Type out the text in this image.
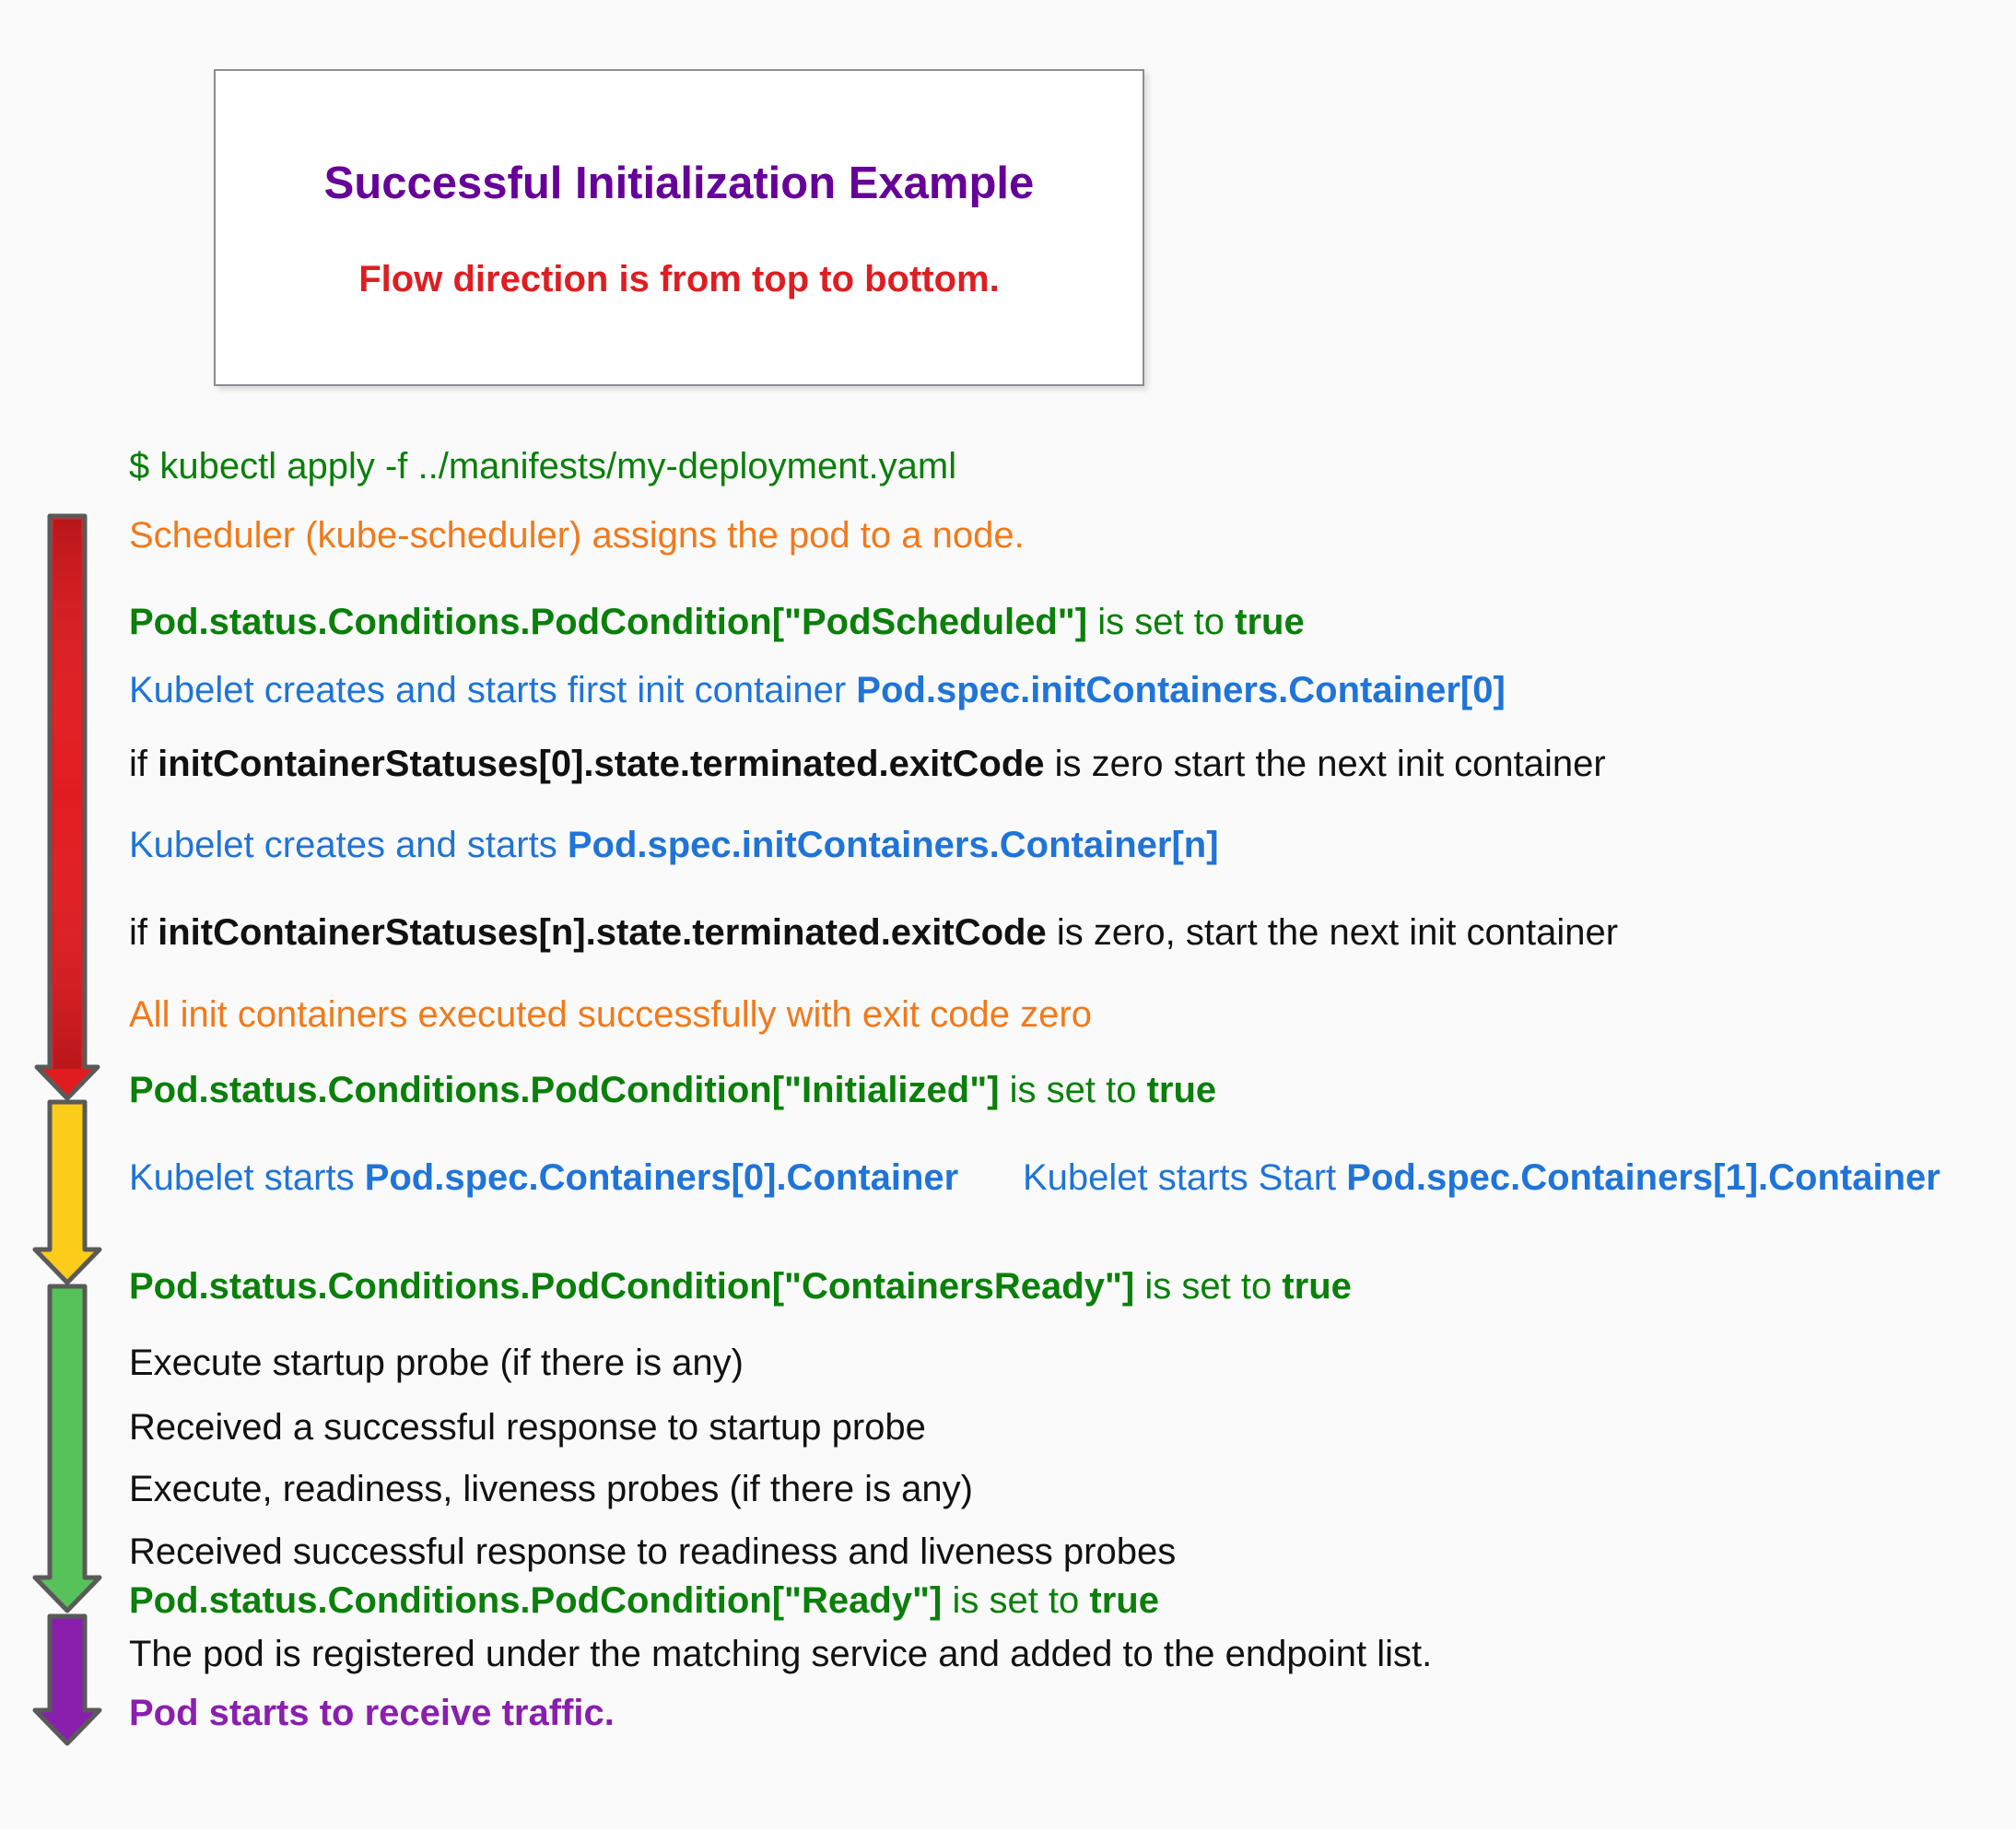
Successful Initialization Example
Flow direction is from top to bottom.
$ kubectl apply -f ../manifests/my-deployment.yaml
Scheduler (kube-scheduler) assigns the pod to a node.
Pod.status.Conditions.PodCondition["PodScheduled"] is set to true
Kubelet creates and starts first init container Pod.spec.initContainers.Container[0]
if initContainerStatuses[0].state.terminated.exitCode is zero start the next init container
Kubelet creates and starts Pod.spec.initContainers.Container[n]
if initContainerStatuses[n].state.terminated.exitCode is zero, start the next init container
All init containers executed successfully with exit code zero
Pod.status.Conditions.PodCondition["Initialized"] is set to true
Kubelet starts Pod.spec.Containers[0].Container Kubelet starts Start Pod.spec.Containers[1].Container
Pod.status.Conditions.PodCondition["ContainersReady"] is set to true
Execute startup probe (if there is any)
Received a successful response to startup probe
Execute, readiness, liveness probes (if there is any)
Received successful response to readiness and liveness probes
Pod.status.Conditions.PodCondition["Ready"] is set to true
The pod is registered under the matching service and added to the endpoint list.
Pod starts to receive traffic.
